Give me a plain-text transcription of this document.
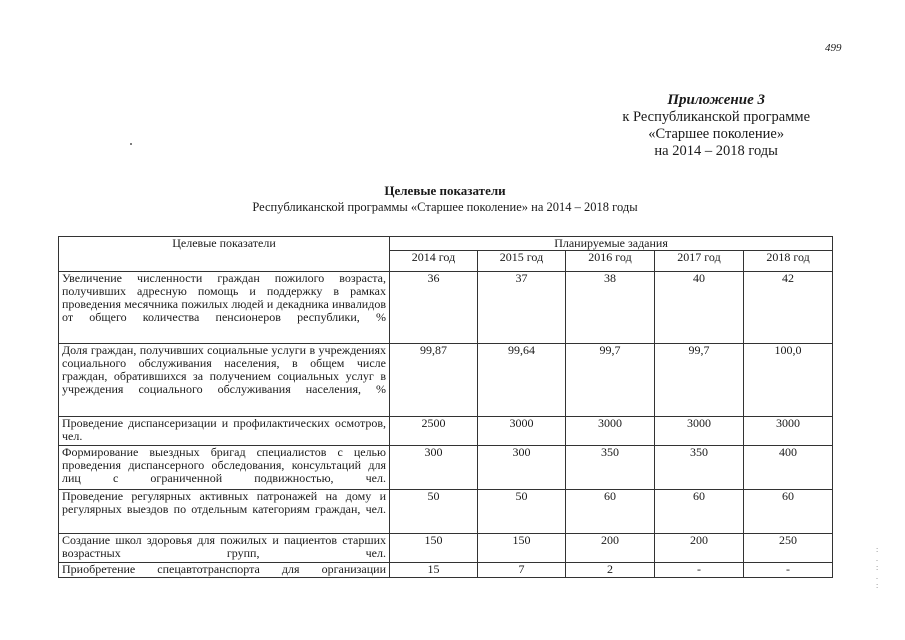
499
Приложение 3
к Республиканской программе
«Старшее поколение»
на 2014 – 2018 годы
Целевые показатели
Республиканской программы «Старшее поколение» на 2014 – 2018 годы
Целевые показатели	Планируемые задания				
	2014 год	2015 год	2016 год	2017 год	2018 год
Увеличение численности граждан пожилого возраста, получивших адресную помощь и поддержку в рамках проведения месячника пожилых людей и декадника инвалидов от общего количества пенсионеров республики, %	36	37	38	40	42
Доля граждан, получивших социальные услуги в учреждениях социального обслуживания населения, в общем числе граждан, обратившихся за получением социальных услуг в учреждения социального обслуживания населения, %	99,87	99,64	99,7	99,7	100,0
Проведение диспансеризации и профилактических осмотров, чел.	2500	3000	3000	3000	3000
Формирование выездных бригад специалистов с целью проведения диспансерного обследования, консультаций для лиц с ограниченной подвижностью, чел.	300	300	350	350	400
Проведение регулярных активных патронажей на дому и регулярных выездов по отдельным категориям граждан, чел.	50	50	60	60	60
Создание школ здоровья для пожилых и пациентов старших возрастных групп, чел.	150	150	200	200	250
Приобретение спецавтотранспорта для организации	15	7	2	-	-
:
.
:
.
:
